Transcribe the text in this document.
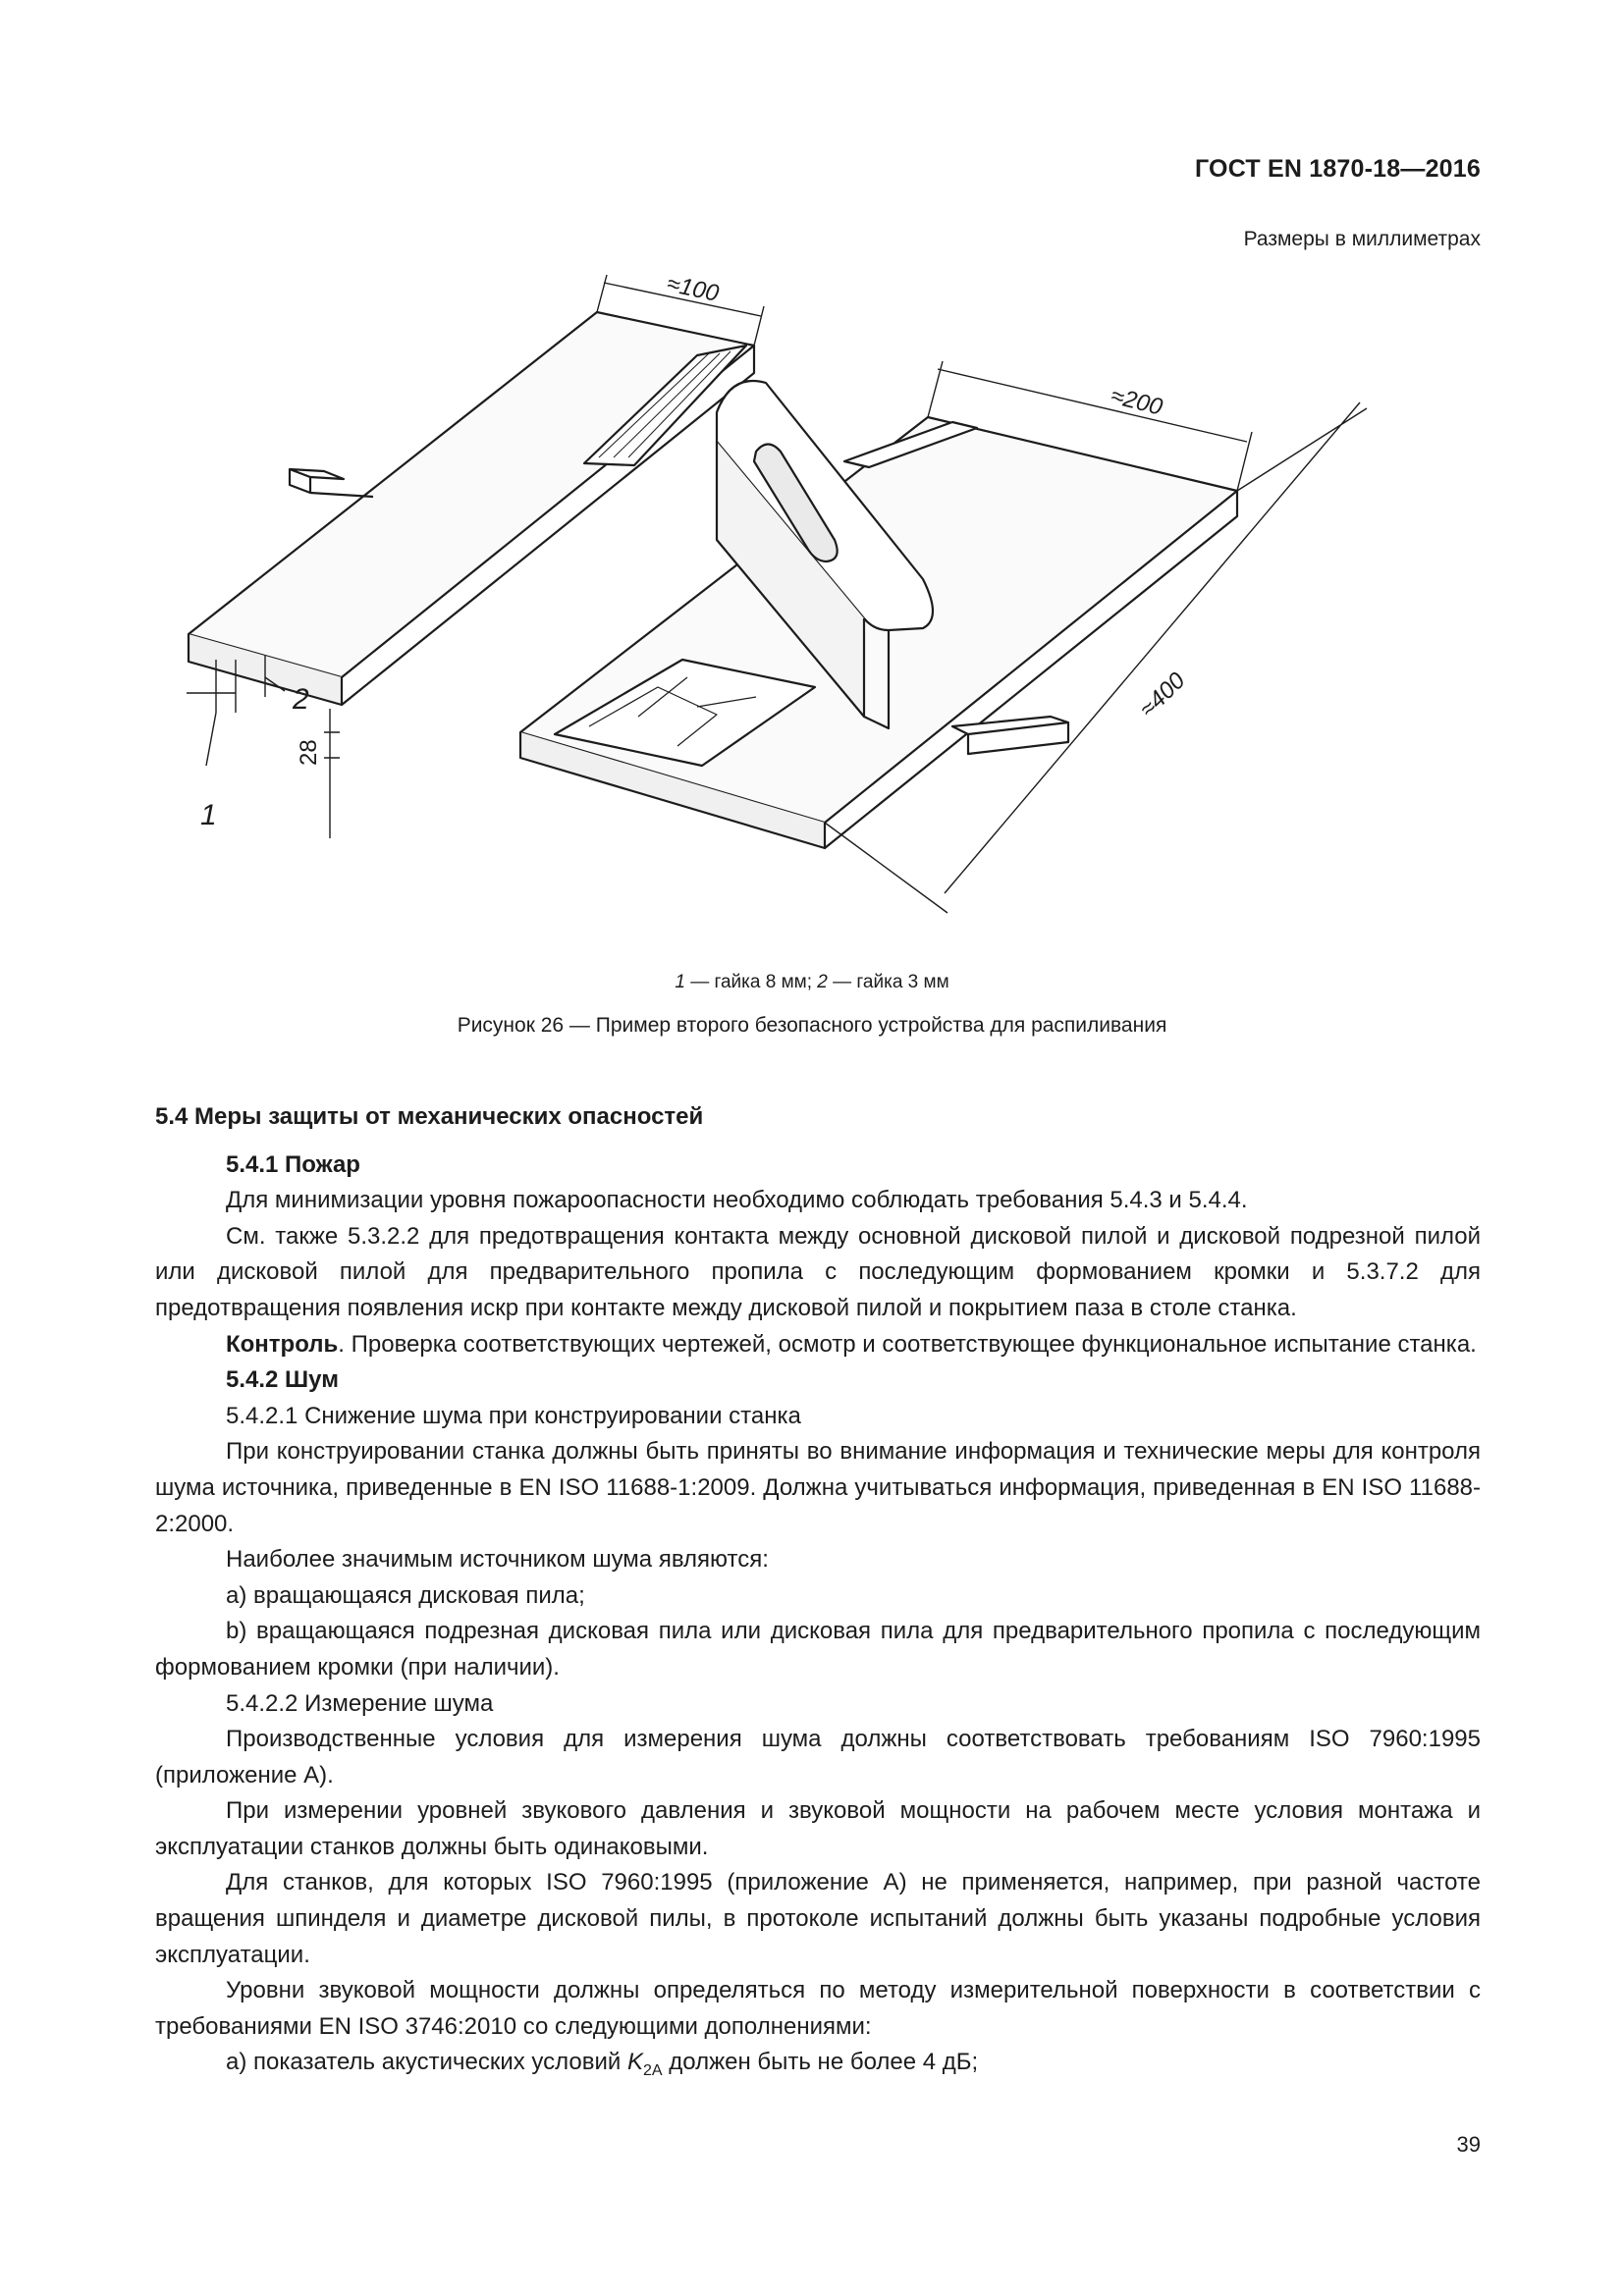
ГОСТ EN 1870-18—2016
Размеры в миллиметрах
≈100
≈200
≈400
28
1
2
1 — гайка 8 мм; 2 — гайка 3 мм
Рисунок 26 — Пример второго безопасного устройства для распиливания

5.4 Меры защиты от механических опасностей

5.4.1 Пожар

Для минимизации уровня пожароопасности необходимо соблюдать требования 5.4.3 и 5.4.4.

См. также 5.3.2.2 для предотвращения контакта между основной дисковой пилой и дисковой подрезной пилой или дисковой пилой для предварительного пропила с последующим формованием кромки и 5.3.7.2 для предотвращения появления искр при контакте между дисковой пилой и покрытием паза в столе станка.

Контроль. Проверка соответствующих чертежей, осмотр и соответствующее функциональное испытание станка.

5.4.2 Шум

5.4.2.1 Снижение шума при конструировании станка

При конструировании станка должны быть приняты во внимание информация и технические меры для контроля шума источника, приведенные в EN ISO 11688-1:2009. Должна учитываться информация, приведенная в EN ISO 11688-2:2000.

Наиболее значимым источником шума являются:

a) вращающаяся дисковая пила;

b) вращающаяся подрезная дисковая пила или дисковая пила для предварительного пропила с последующим формованием кромки (при наличии).

5.4.2.2 Измерение шума

Производственные условия для измерения шума должны соответствовать требованиям ISO 7960:1995 (приложение А).

При измерении уровней звукового давления и звуковой мощности на рабочем месте условия монтажа и эксплуатации станков должны быть одинаковыми.

Для станков, для которых ISO 7960:1995 (приложение А) не применяется, например, при разной частоте вращения шпинделя и диаметре дисковой пилы, в протоколе испытаний должны быть указаны подробные условия эксплуатации.

Уровни звуковой мощности должны определяться по методу измерительной поверхности в соответствии с требованиями EN ISO 3746:2010 со следующими дополнениями:

a) показатель акустических условий $K_{2A}$ должен быть не более 4 дБ;

39
